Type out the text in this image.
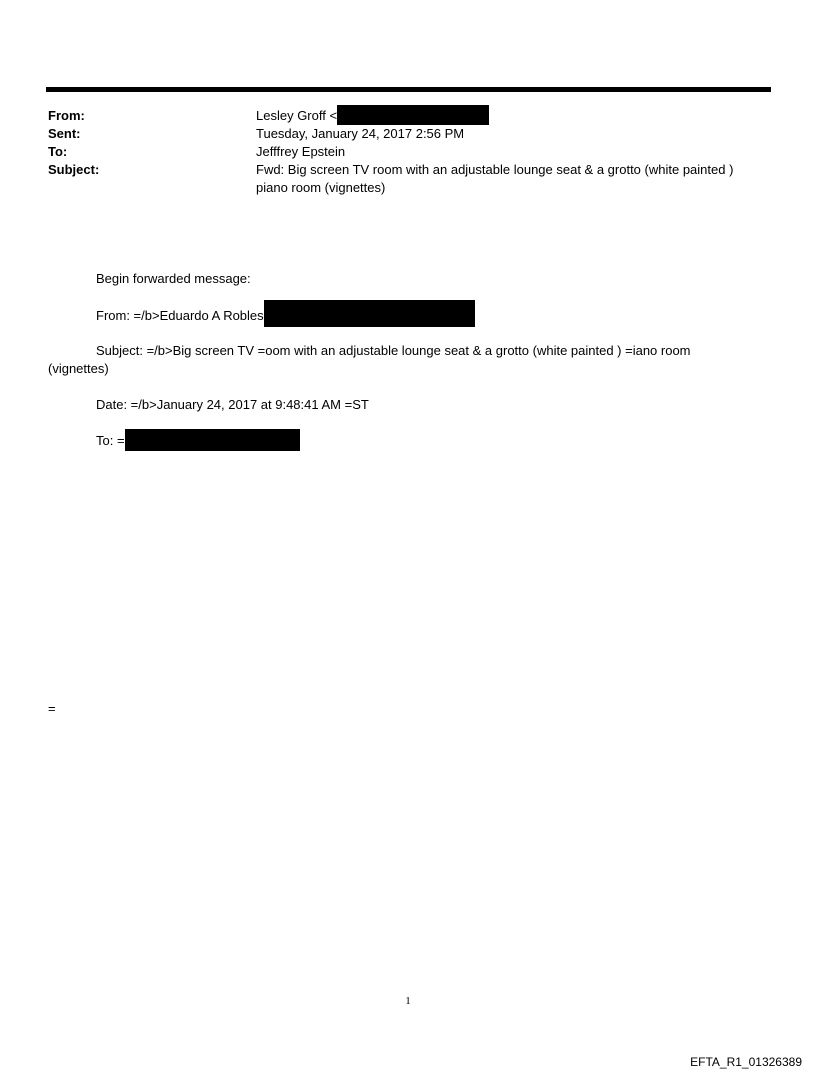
From:	Lesley Groff <
Sent:	Tuesday, January 24, 2017 2:56 PM
To:	Jefffrey Epstein
Subject:	Fwd: Big screen TV room with an adjustable lounge seat & a grotto (white painted ) piano room (vignettes)
Begin forwarded message:
From: =/b>Eduardo A Robles
Subject: =/b>Big screen TV =oom with an adjustable lounge seat & a grotto (white painted ) =iano room
(vignettes)
Date: =/b>January 24, 2017 at 9:48:41 AM =ST
To: =
=
1
EFTA_R1_01326389
